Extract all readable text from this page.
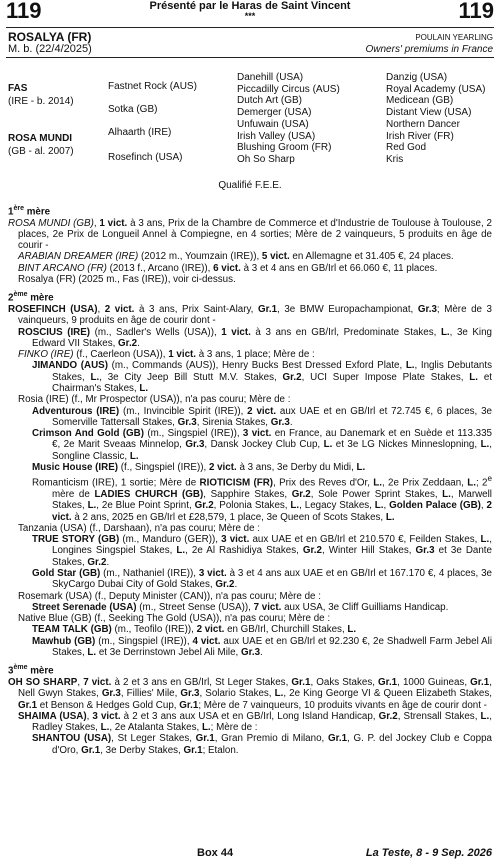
119	Présenté par le Haras de Saint Vincent
***	119
ROSALYA (FR)
M. b. (22/4/2025)
POULAIN YEARLING
Owners' premiums in France
FAS
(IRE - b. 2014)
ROSA MUNDI
(GB - al. 2007)
Fastnet Rock (AUS)
Sotka (GB)
Alhaarth (IRE)
Rosefinch (USA)
Danehill (USA)
Piccadilly Circus (AUS)
Dutch Art (GB)
Demerger (USA)
Unfuwain (USA)
Irish Valley (USA)
Blushing Groom (FR)
Oh So Sharp
Danzig (USA)
Royal Academy (USA)
Medicean (GB)
Distant View (USA)
Northern Dancer
Irish River (FR)
Red God
Kris
Qualifié F.E.E.
1ère mère

ROSA MUNDI (GB), 1 vict. à 3 ans, Prix de la Chambre de Commerce et d'Industrie de Toulouse à Toulouse, 2 places, 2e Prix de Longueil Annel à Compiegne, en 4 sorties; Mère de 2 vainqueurs, 5 produits en âge de courir -

ARABIAN DREAMER (IRE) (2012 m., Youmzain (IRE)), 5 vict. en Allemagne et 31.405 €, 24 places.

BINT ARCANO (FR) (2013 f., Arcano (IRE)), 6 vict. à 3 et 4 ans en GB/Irl et 66.060 €, 11 places.

Rosalya (FR) (2025 m., Fas (IRE)), voir ci-dessus.

2ème mère

ROSEFINCH (USA), 2 vict. à 3 ans, Prix Saint-Alary, Gr.1, 3e BMW Europachampionat, Gr.3; Mère de 3 vainqueurs, 9 produits en âge de courir dont -

ROSCIUS (IRE) (m., Sadler's Wells (USA)), 1 vict. à 3 ans en GB/Irl, Predominate Stakes, L., 3e King Edward VII Stakes, Gr.2.

FINKO (IRE) (f., Caerleon (USA)), 1 vict. à 3 ans, 1 place; Mère de :

JIMANDO (AUS) (m., Commands (AUS)), Henry Bucks Best Dressed Exford Plate, L., Inglis Debutants Stakes, L., 3e City Jeep Bill Stutt M.V. Stakes, Gr.2, UCI Super Impose Plate Stakes, L. et Chairman's Stakes, L.

Rosia (IRE) (f., Mr Prospector (USA)), n'a pas couru; Mère de :

Adventurous (IRE) (m., Invincible Spirit (IRE)), 2 vict. aux UAE et en GB/Irl et 72.745 €, 6 places, 3e Somerville Tattersall Stakes, Gr.3, Sirenia Stakes, Gr.3.

Crimson And Gold (GB) (m., Singspiel (IRE)), 3 vict. en France, au Danemark et en Suède et 113.335 €, 2e Marit Sveaas Minnelop, Gr.3, Dansk Jockey Club Cup, L. et 3e LG Nickes Minneslopning, L., Songline Classic, L.

Music House (IRE) (f., Singspiel (IRE)), 2 vict. à 3 ans, 3e Derby du Midi, L.

Romanticism (IRE), 1 sortie; Mère de RIOTICISM (FR), Prix des Reves d'Or, L., 2e Prix Zeddaan, L.; 2e mère de LADIES CHURCH (GB), Sapphire Stakes, Gr.2, Sole Power Sprint Stakes, L., Marwell Stakes, L., 2e Blue Point Sprint, Gr.2, Polonia Stakes, L., Legacy Stakes, L., Golden Palace (GB), 2 vict. à 2 ans, 2025 en GB/Irl et £28,579, 1 place, 3e Queen of Scots Stakes, L.

Tanzania (USA) (f., Darshaan), n'a pas couru; Mère de :

TRUE STORY (GB) (m., Manduro (GER)), 3 vict. aux UAE et en GB/Irl et 210.570 €, Feilden Stakes, L., Longines Singspiel Stakes, L., 2e Al Rashidiya Stakes, Gr.2, Winter Hill Stakes, Gr.3 et 3e Dante Stakes, Gr.2.

Gold Star (GB) (m., Nathaniel (IRE)), 3 vict. à 3 et 4 ans aux UAE et en GB/Irl et 167.170 €, 4 places, 3e SkyCargo Dubai City of Gold Stakes, Gr.2.

Rosemark (USA) (f., Deputy Minister (CAN)), n'a pas couru; Mère de :

Street Serenade (USA) (m., Street Sense (USA)), 7 vict. aux USA, 3e Cliff Guilliams Handicap.

Native Blue (GB) (f., Seeking The Gold (USA)), n'a pas couru; Mère de :

TEAM TALK (GB) (m., Teofilo (IRE)), 2 vict. en GB/Irl, Churchill Stakes, L.

Mawhub (GB) (m., Singspiel (IRE)), 4 vict. aux UAE et en GB/Irl et 92.230 €, 2e Shadwell Farm Jebel Ali Stakes, L. et 3e Derrinstown Jebel Ali Mile, Gr.3.

3ème mère

OH SO SHARP, 7 vict. à 2 et 3 ans en GB/Irl, St Leger Stakes, Gr.1, Oaks Stakes, Gr.1, 1000 Guineas, Gr.1, Nell Gwyn Stakes, Gr.3, Fillies' Mile, Gr.3, Solario Stakes, L., 2e King George VI & Queen Elizabeth Stakes, Gr.1 et Benson & Hedges Gold Cup, Gr.1; Mère de 7 vainqueurs, 10 produits vivants en âge de courir dont -

SHAIMA (USA), 3 vict. à 2 et 3 ans aux USA et en GB/Irl, Long Island Handicap, Gr.2, Strensall Stakes, L., Radley Stakes, L., 2e Atalanta Stakes, L.; Mère de :

SHANTOU (USA), St Leger Stakes, Gr.1, Gran Premio di Milano, Gr.1, G. P. del Jockey Club e Coppa d'Oro, Gr.1, 3e Derby Stakes, Gr.1; Etalon.

Box 44	La Teste, 8 - 9 Sep. 2026
